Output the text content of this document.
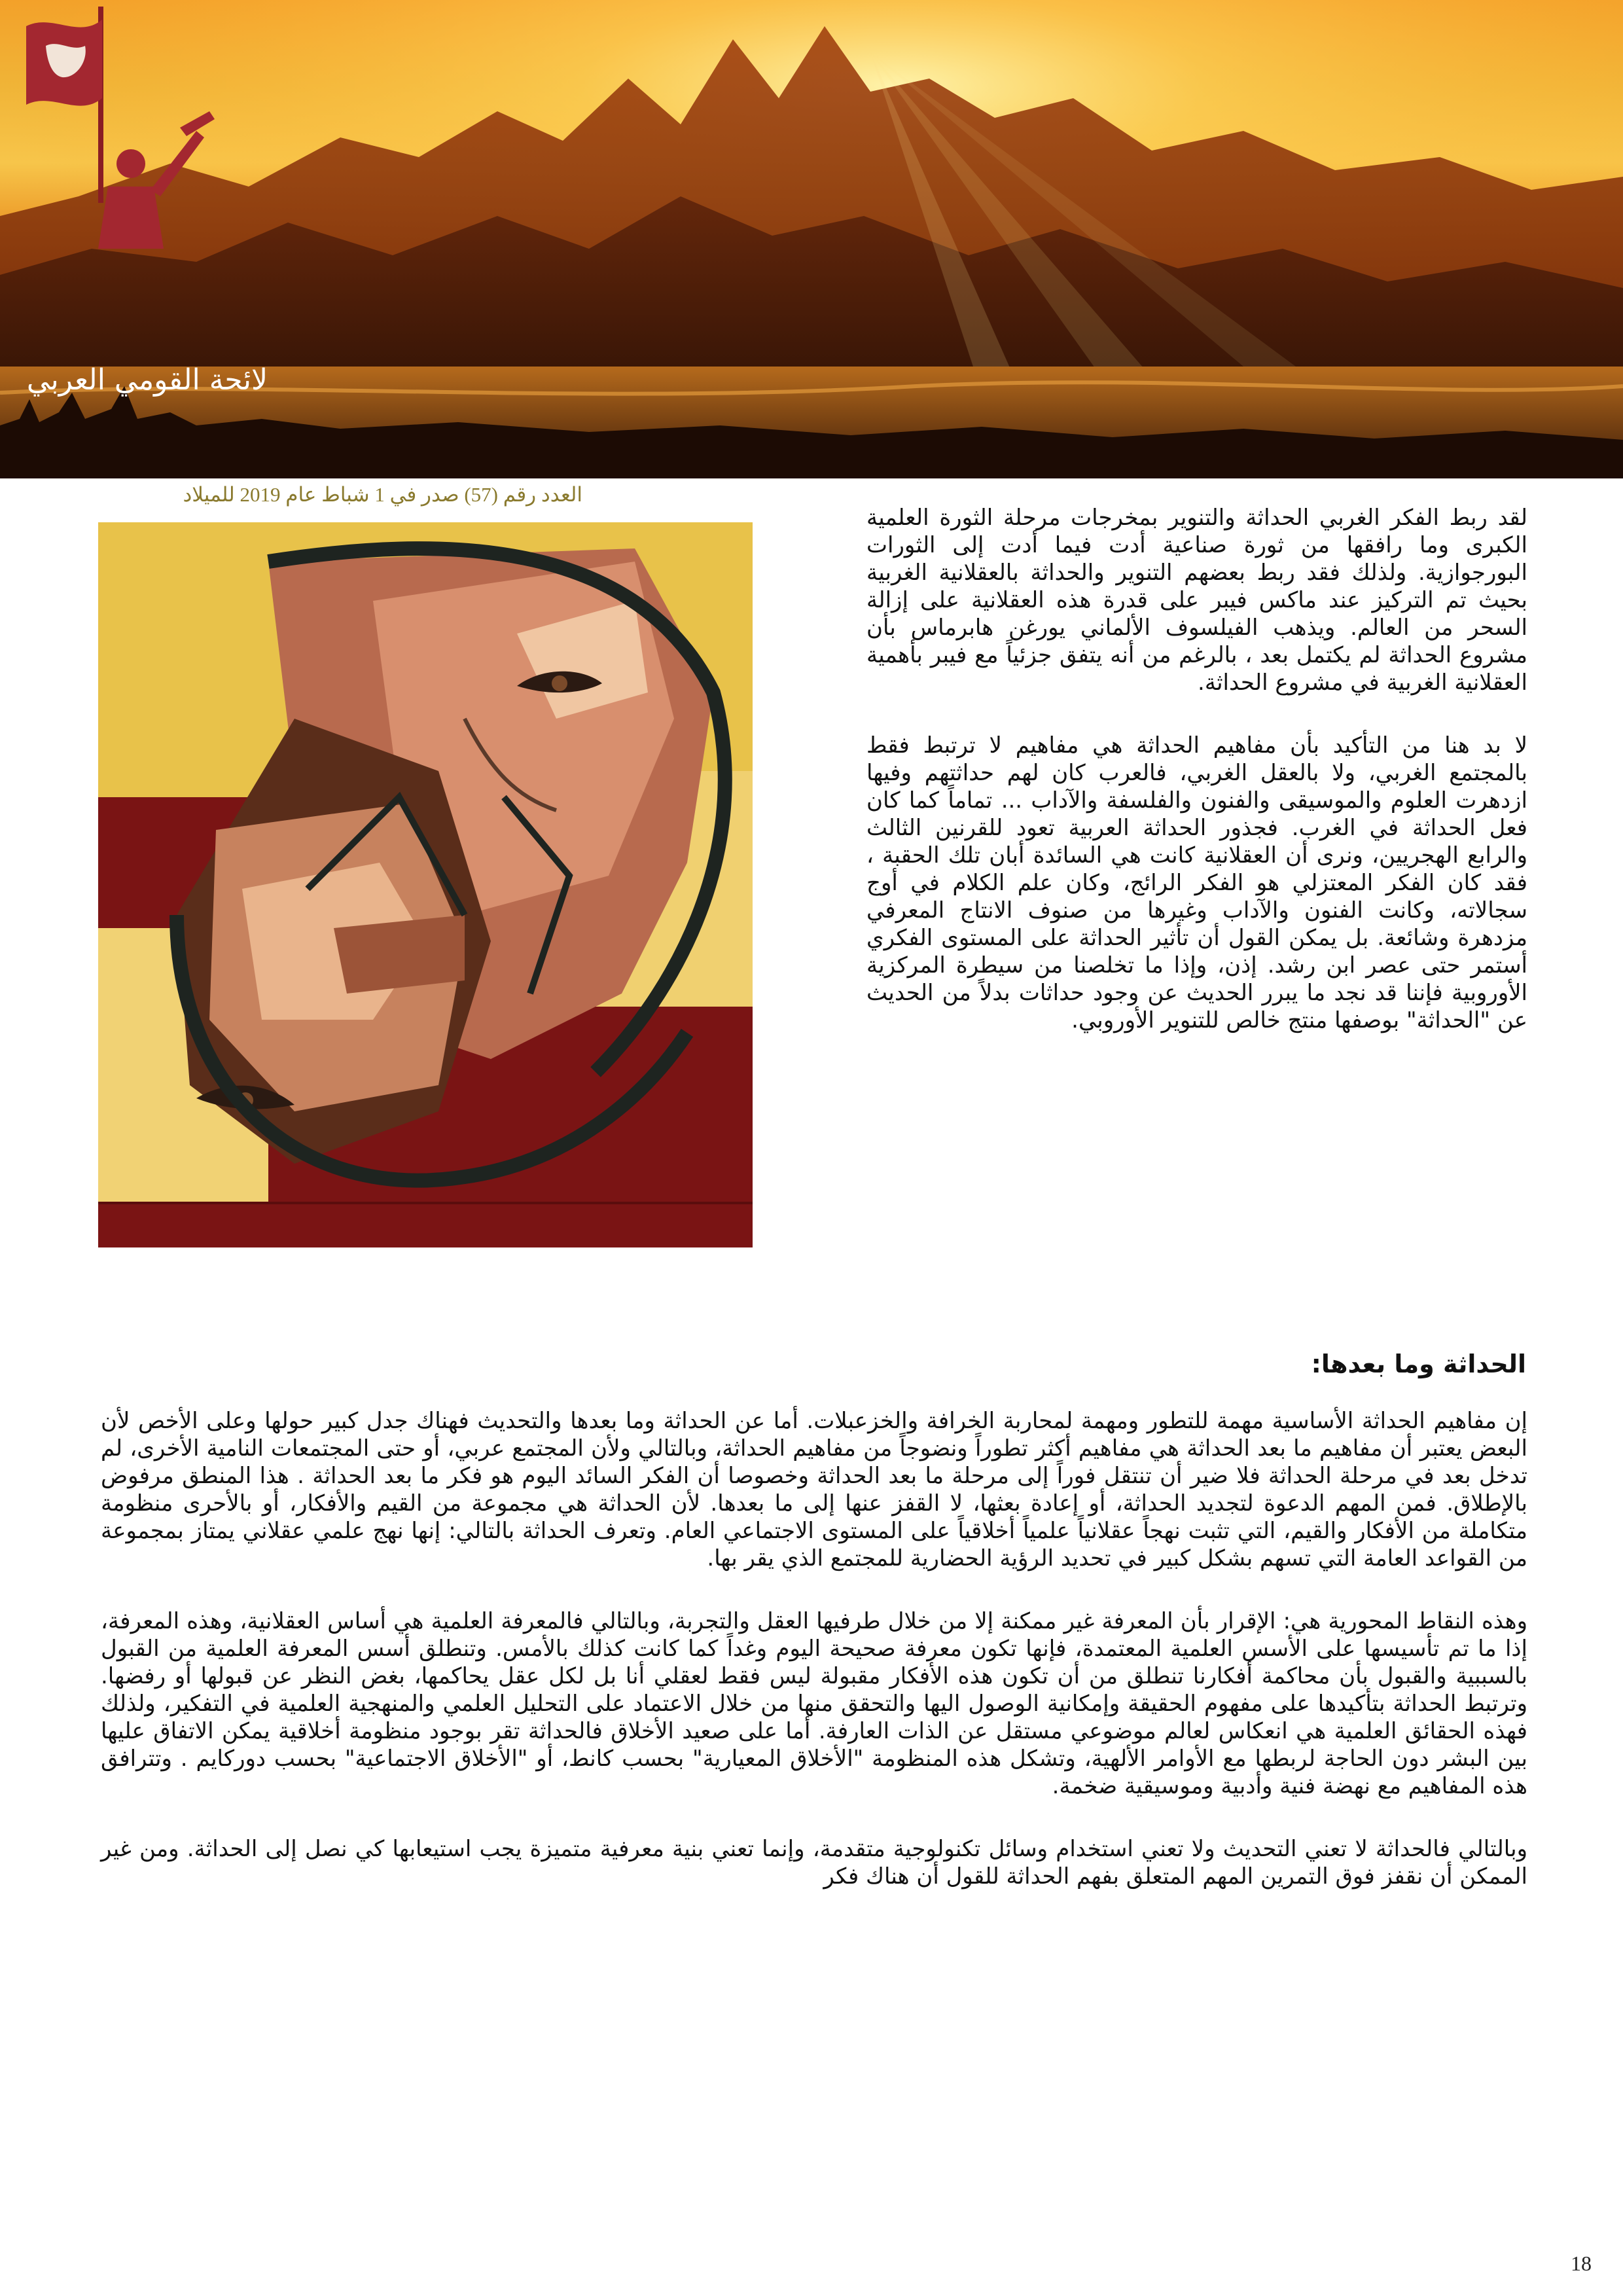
لائحة القومي العربي
العدد رقم (57) صدر في 1 شباط عام 2019 للميلاد

لقد ربط الفكر الغربي الحداثة والتنوير بمخرجات مرحلة الثورة العلمية الكبرى وما رافقها من ثورة صناعية أدت فيما أدت إلى الثورات البورجوازية. ولذلك فقد ربط بعضهم التنوير والحداثة بالعقلانية الغربية بحيث تم التركيز عند ماكس فيبر على قدرة هذه العقلانية على إزالة السحر من العالم. ويذهب الفيلسوف الألماني يورغن هابرماس بأن مشروع الحداثة لم يكتمل بعد ، بالرغم من أنه يتفق جزئياً مع فيبر بأهمية العقلانية الغربية في مشروع الحداثة.

لا بد هنا من التأكيد بأن مفاهيم الحداثة هي مفاهيم لا ترتبط فقط بالمجتمع الغربي، ولا بالعقل الغربي، فالعرب كان لهم حداثتهم وفيها ازدهرت العلوم والموسيقى والفنون والفلسفة والآداب ... تماماً كما كان فعل الحداثة في الغرب. فجذور الحداثة العربية تعود للقرنين الثالث والرابع الهجريين، ونرى أن العقلانية كانت هي السائدة أبان تلك الحقبة ، فقد كان الفكر المعتزلي هو الفكر الرائج، وكان علم الكلام في أوج سجالاته، وكانت الفنون والآداب وغيرها من صنوف الانتاج المعرفي مزدهرة وشائعة. بل يمكن القول أن تأثير الحداثة على المستوى الفكري أستمر حتى عصر ابن رشد. إذن، وإذا ما تخلصنا من سيطرة المركزية الأوروبية فإننا قد نجد ما يبرر الحديث عن وجود حداثات بدلاً من الحديث عن "الحداثة" بوصفها منتج خالص للتنوير الأوروبي.

الحداثة وما بعدها:

إن مفاهيم الحداثة الأساسية مهمة للتطور ومهمة لمحاربة الخرافة والخزعبلات. أما عن الحداثة وما بعدها والتحديث فهناك جدل كبير حولها وعلى الأخص لأن البعض يعتبر أن مفاهيم ما بعد الحداثة هي مفاهيم أكثر تطوراً ونضوجاً من مفاهيم الحداثة، وبالتالي ولأن المجتمع عربي، أو حتى المجتمعات النامية الأخرى، لم تدخل بعد في مرحلة الحداثة فلا ضير أن تنتقل فوراً إلى مرحلة ما بعد الحداثة وخصوصا أن الفكر السائد اليوم هو فكر ما بعد الحداثة . هذا المنطق مرفوض بالإطلاق. فمن المهم الدعوة لتجديد الحداثة، أو إعادة بعثها، لا القفز عنها إلى ما بعدها. لأن الحداثة هي مجموعة من القيم والأفكار، أو بالأحرى منظومة متكاملة من الأفكار والقيم، التي تثبت نهجاً عقلانياً علمياً أخلاقياً على المستوى الاجتماعي العام. وتعرف الحداثة بالتالي: إنها نهج علمي عقلاني يمتاز بمجموعة من القواعد العامة التي تسهم بشكل كبير في تحديد الرؤية الحضارية للمجتمع الذي يقر بها.

وهذه النقاط المحورية هي: الإقرار بأن المعرفة غير ممكنة إلا من خلال طرفيها العقل والتجربة، وبالتالي فالمعرفة العلمية هي أساس العقلانية، وهذه المعرفة، إذا ما تم تأسيسها على الأسس العلمية المعتمدة، فإنها تكون معرفة صحيحة اليوم وغداً كما كانت كذلك بالأمس. وتنطلق أسس المعرفة العلمية من القبول بالسببية والقبول بأن محاكمة أفكارنا تنطلق من أن تكون هذه الأفكار مقبولة ليس فقط لعقلي أنا بل لكل عقل يحاكمها، بغض النظر عن قبولها أو رفضها. وترتبط الحداثة بتأكيدها على مفهوم الحقيقة وإمكانية الوصول اليها والتحقق منها من خلال الاعتماد على التحليل العلمي والمنهجية العلمية في التفكير، ولذلك فهذه الحقائق العلمية هي انعكاس لعالم موضوعي مستقل عن الذات العارفة. أما على صعيد الأخلاق فالحداثة تقر بوجود منظومة أخلاقية يمكن الاتفاق عليها بين البشر دون الحاجة لربطها مع الأوامر الألهية، وتشكل هذه المنظومة "الأخلاق المعيارية" بحسب كانط، أو "الأخلاق الاجتماعية" بحسب دوركايم . وتترافق هذه المفاهيم مع نهضة فنية وأدبية وموسيقية ضخمة.

وبالتالي فالحداثة لا تعني التحديث ولا تعني استخدام وسائل تكنولوجية متقدمة، وإنما تعني بنية معرفية متميزة يجب استيعابها كي نصل إلى الحداثة. ومن غير الممكن أن نقفز فوق التمرين المهم المتعلق بفهم الحداثة للقول أن هناك فكر

18
